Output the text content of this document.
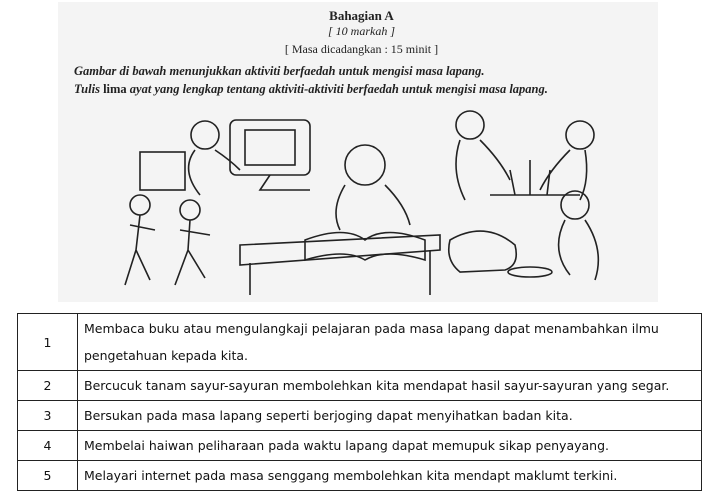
Bahagian A
[ 10 markah ]
[ Masa dicadangkan : 15 minit ]
Gambar di bawah menunjukkan aktiviti berfaedah untuk mengisi masa lapang.
Tulis lima ayat yang lengkap tentang aktiviti-aktiviti berfaedah untuk mengisi masa lapang.
1	Membaca buku atau mengulangkaji pelajaran pada masa lapang dapat menambahkan ilmu pengetahuan kepada kita.
2	Bercucuk tanam sayur-sayuran membolehkan kita mendapat hasil sayur-sayuran yang segar.
3	Bersukan pada masa lapang seperti berjoging dapat menyihatkan badan kita.
4	Membelai haiwan peliharaan pada waktu lapang dapat memupuk sikap penyayang.
5	Melayari internet pada masa senggang membolehkan kita mendapt maklumt terkini.
